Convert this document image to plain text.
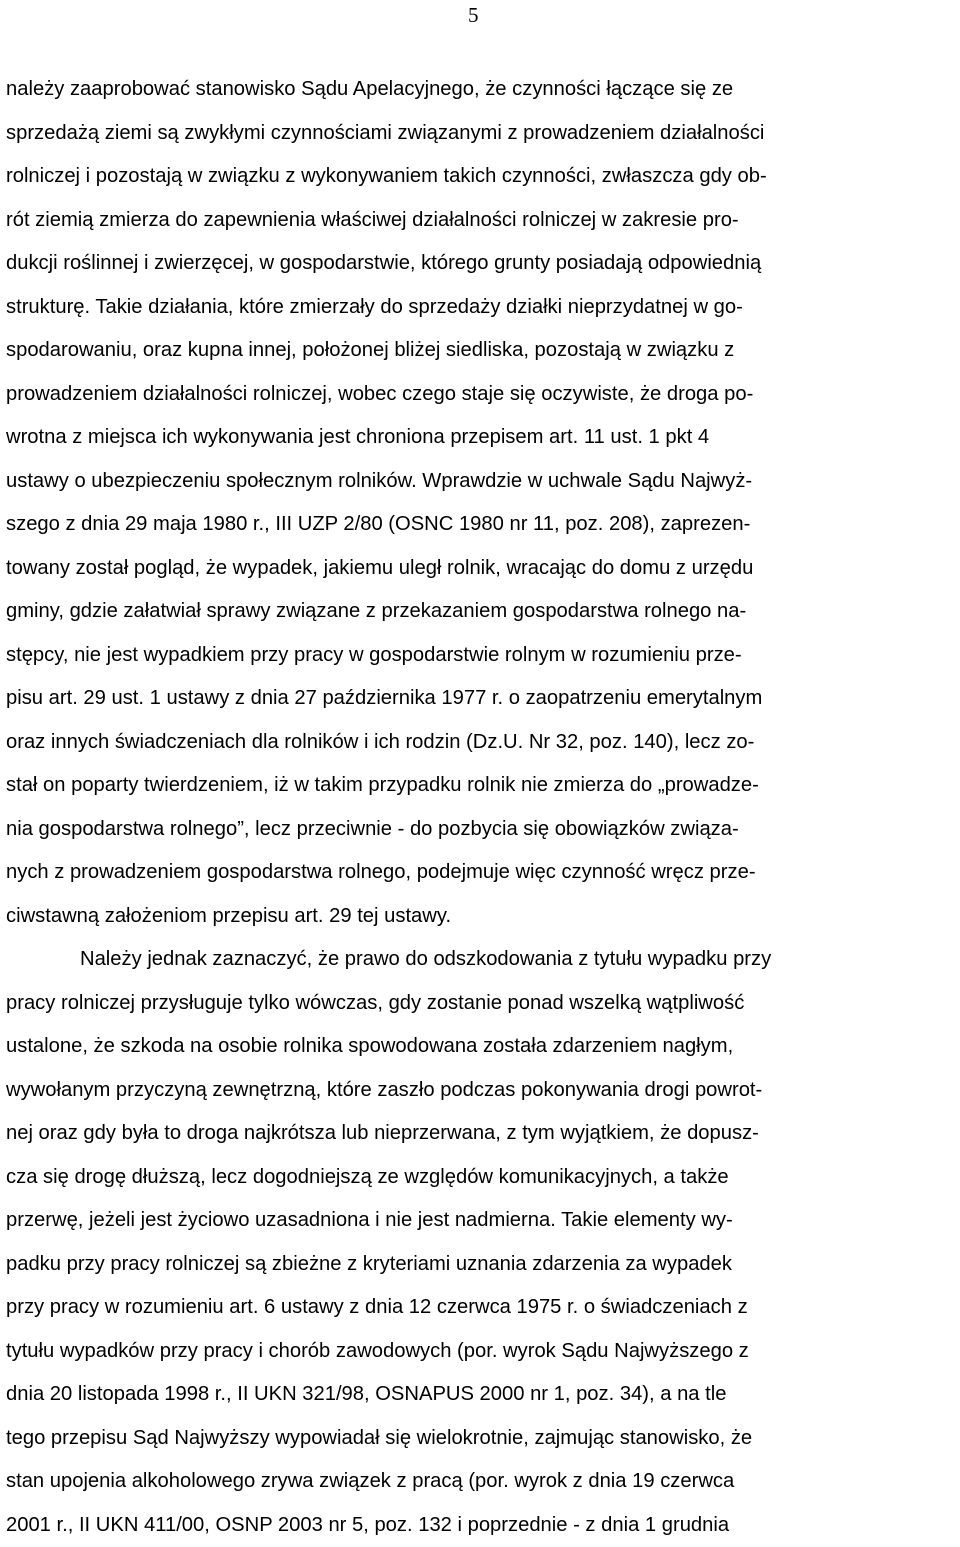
5
należy zaaprobować stanowisko Sądu Apelacyjnego, że czynności łączące się ze
sprzedażą ziemi są zwykłymi czynnościami związanymi z prowadzeniem działalności
rolniczej i pozostają w związku z wykonywaniem takich czynności, zwłaszcza gdy ob-
rót ziemią zmierza do zapewnienia właściwej działalności rolniczej w zakresie pro-
dukcji roślinnej i zwierzęcej, w gospodarstwie, którego grunty posiadają odpowiednią
strukturę. Takie działania, które zmierzały do sprzedaży działki nieprzydatnej w go-
spodarowaniu, oraz kupna innej, położonej bliżej siedliska, pozostają w związku z
prowadzeniem działalności rolniczej, wobec czego staje się oczywiste, że droga po-
wrotna z miejsca ich wykonywania jest chroniona przepisem art. 11 ust. 1 pkt 4
ustawy o ubezpieczeniu społecznym rolników. Wprawdzie w uchwale Sądu Najwyż-
szego z dnia 29 maja 1980 r., III UZP 2/80 (OSNC 1980 nr 11, poz. 208), zaprezen-
towany został pogląd, że wypadek, jakiemu uległ rolnik, wracając do domu z urzędu
gminy, gdzie załatwiał sprawy związane z przekazaniem gospodarstwa rolnego na-
stępcy, nie jest wypadkiem przy pracy w gospodarstwie rolnym w rozumieniu prze-
pisu art. 29 ust. 1 ustawy z dnia 27 października 1977 r. o zaopatrzeniu emerytalnym
oraz innych świadczeniach dla rolników i ich rodzin (Dz.U. Nr 32, poz. 140), lecz zo-
stał on poparty twierdzeniem, iż w takim przypadku rolnik nie zmierza do „prowadze-
nia gospodarstwa rolnego”, lecz przeciwnie - do pozbycia się obowiązków związa-
nych z prowadzeniem gospodarstwa rolnego, podejmuje więc czynność wręcz prze-
ciwstawną założeniom przepisu art. 29 tej ustawy.
Należy jednak zaznaczyć, że prawo do odszkodowania z tytułu wypadku przy
pracy rolniczej przysługuje tylko wówczas, gdy zostanie ponad wszelką wątpliwość
ustalone, że szkoda na osobie rolnika spowodowana została zdarzeniem nagłym,
wywołanym przyczyną zewnętrzną, które zaszło podczas pokonywania drogi powrot-
nej oraz gdy była to droga najkrótsza lub nieprzerwana, z tym wyjątkiem, że dopusz-
cza się drogę dłuższą, lecz dogodniejszą ze względów komunikacyjnych, a także
przerwę, jeżeli jest życiowo uzasadniona i nie jest nadmierna. Takie elementy wy-
padku przy pracy rolniczej są zbieżne z kryteriami uznania zdarzenia za wypadek
przy pracy w rozumieniu art. 6 ustawy z dnia 12 czerwca 1975 r. o świadczeniach z
tytułu wypadków przy pracy i chorób zawodowych (por. wyrok Sądu Najwyższego z
dnia 20 listopada 1998 r., II UKN 321/98, OSNAPUS 2000 nr 1, poz. 34), a na tle
tego przepisu Sąd Najwyższy wypowiadał się wielokrotnie, zajmując stanowisko, że
stan upojenia alkoholowego zrywa związek z pracą (por. wyrok z dnia 19 czerwca
2001 r., II UKN 411/00, OSNP 2003 nr 5, poz. 132 i poprzednie - z dnia 1 grudnia
